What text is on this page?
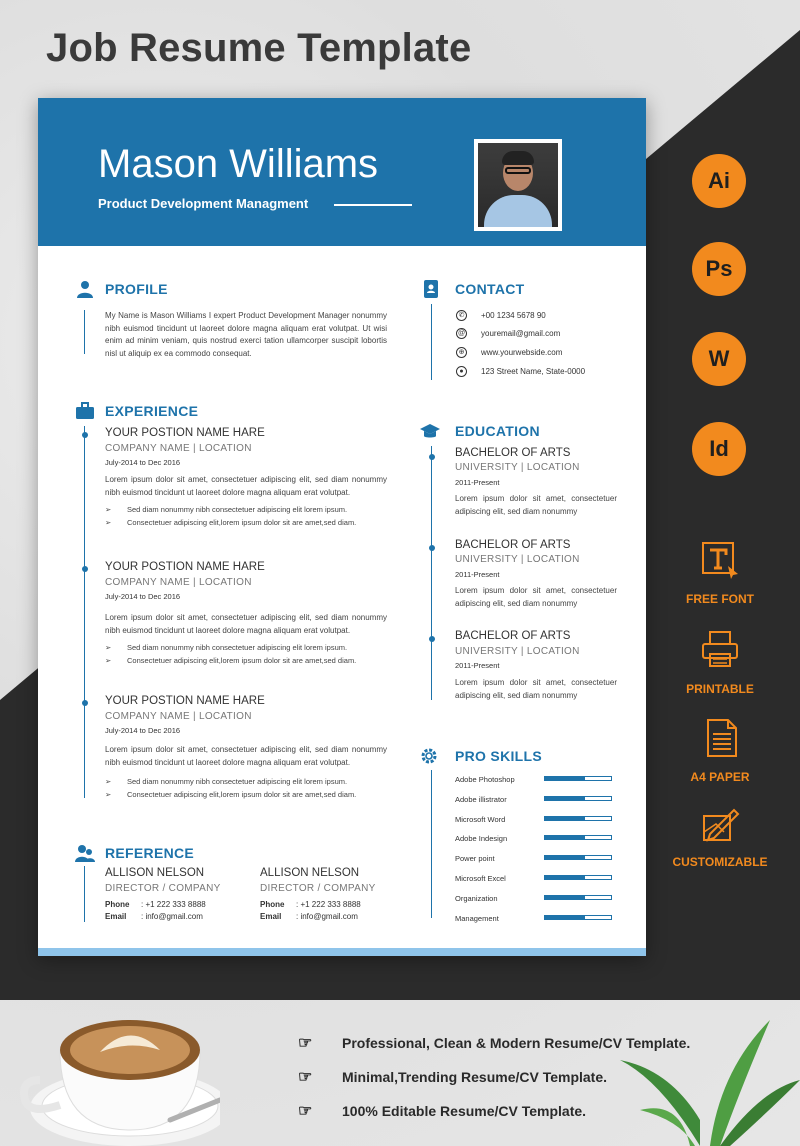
Job Resume Template
Mason Williams
Product Development Managment
PROFILE
My Name is Mason Williams I expert Product Development Manager nonummy nibh euismod tincidunt ut laoreet dolore magna aliquam erat volutpat. Ut wisi enim ad minim veniam, quis nostrud exerci tation ullamcorper suscipit lobortis nisl ut aliquip ex ea commodo consequat.
EXPERIENCE
YOUR POSTION NAME HARE
COMPANY NAME | LOCATION
July-2014 to Dec 2016
Lorem ipsum dolor sit amet, consectetuer adipiscing elit, sed diam nonummy nibh euismod tincidunt ut laoreet dolore magna aliquam erat volutpat.
➢ Sed diam nonummy nibh consectetuer adipiscing elit lorem ipsum.
➢ Consectetuer adipiscing elit,lorem ipsum dolor sit are amet,sed diam.
YOUR POSTION NAME HARE
COMPANY NAME | LOCATION
July-2014 to Dec 2016
Lorem ipsum dolor sit amet, consectetuer adipiscing elit, sed diam nonummy nibh euismod tincidunt ut laoreet dolore magna aliquam erat volutpat.
➢ Sed diam nonummy nibh consectetuer adipiscing elit lorem ipsum.
➢ Consectetuer adipiscing elit,lorem ipsum dolor sit are amet,sed diam.
YOUR POSTION NAME HARE
COMPANY NAME | LOCATION
July-2014 to Dec 2016
Lorem ipsum dolor sit amet, consectetuer adipiscing elit, sed diam nonummy nibh euismod tincidunt ut laoreet dolore magna aliquam erat volutpat.
➢ Sed diam nonummy nibh consectetuer adipiscing elit lorem ipsum.
➢ Consectetuer adipiscing elit,lorem ipsum dolor sit are amet,sed diam.
REFERENCE
ALLISON NELSON
DIRECTOR / COMPANY
Phone : +1 222 333 8888
Email : info@gmail.com
ALLISON NELSON
DIRECTOR / COMPANY
Phone : +1 222 333 8888
Email : info@gmail.com
CONTACT
✆	+00 1234 5678 90
@ youremail@gmail.com
⊕	www.yourwebside.com
●	123 Street Name, State-0000
EDUCATION
BACHELOR OF ARTS
UNIVERSITY | LOCATION
2011-Present
Lorem ipsum dolor sit amet, consectetuer adipiscing elit, sed diam nonummy
BACHELOR OF ARTS
UNIVERSITY | LOCATION
2011-Present
Lorem ipsum dolor sit amet, consectetuer adipiscing elit, sed diam nonummy
BACHELOR OF ARTS
UNIVERSITY | LOCATION
2011-Present
Lorem ipsum dolor sit amet, consectetuer adipiscing elit, sed diam nonummy
PRO SKILLS
Adobe Photoshop
Adobe illistrator
Microsoft Word
Adobe Indesign
Power point
Microsoft Excel
Organization
Management
Ai
Ps
W
Id
FREE FONT
PRINTABLE
A4 PAPER
CUSTOMIZABLE
☞ Professional, Clean & Modern Resume/CV Template.
☞ Minimal,Trending Resume/CV Template.
☞ 100% Editable Resume/CV Template.
